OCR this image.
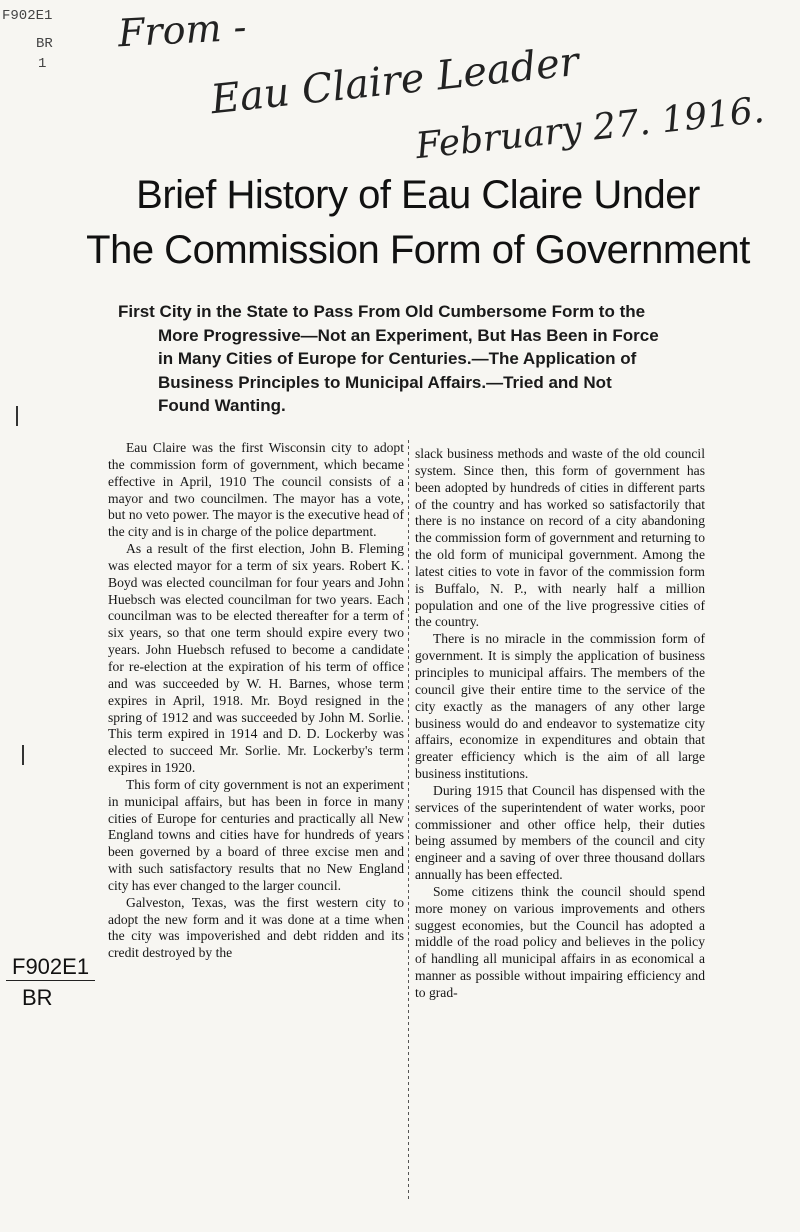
F902E1
BR
1
From -
Eau Claire Leader
February 27. 1916.
Brief History of Eau Claire Under
The Commission Form of Government
First City in the State to Pass From Old Cumbersome Form to the
More Progressive—Not an Experiment, But Has Been in Force
in Many Cities of Europe for Centuries.—The Application of
Business Principles to Municipal Affairs.—Tried and Not
Found Wanting.

Eau Claire was the first Wisconsin city to adopt the commission form of government, which became effective in April, 1910 The council consists of a mayor and two councilmen. The mayor has a vote, but no veto power. The mayor is the executive head of the city and is in charge of the police department.

As a result of the first election, John B. Fleming was elected mayor for a term of six years. Robert K. Boyd was elected councilman for four years and John Huebsch was elected councilman for two years. Each councilman was to be elected thereafter for a term of six years, so that one term should expire every two years. John Huebsch refused to become a candidate for re-election at the expiration of his term of office and was succeeded by W. H. Barnes, whose term expires in April, 1918. Mr. Boyd resigned in the spring of 1912 and was succeeded by John M. Sorlie. This term expired in 1914 and D. D. Lockerby was elected to succeed Mr. Sorlie. Mr. Lockerby's term expires in 1920.

This form of city government is not an experiment in municipal affairs, but has been in force in many cities of Europe for centuries and practically all New England towns and cities have for hundreds of years been governed by a board of three excise men and with such satisfactory results that no New England city has ever changed to the larger council.

Galveston, Texas, was the first western city to adopt the new form and it was done at a time when the city was impoverished and debt ridden and its credit destroyed by the

slack business methods and waste of the old council system. Since then, this form of government has been adopted by hundreds of cities in different parts of the country and has worked so satisfactorily that there is no instance on record of a city abandoning the commission form of government and returning to the old form of municipal government. Among the latest cities to vote in favor of the commission form is Buffalo, N. P., with nearly half a million population and one of the live progressive cities of the country.

There is no miracle in the commission form of government. It is simply the application of business principles to municipal affairs. The members of the council give their entire time to the service of the city exactly as the managers of any other large business would do and endeavor to systematize city affairs, economize in expenditures and obtain that greater efficiency which is the aim of all large business institutions.

During 1915 that Council has dispensed with the services of the superintendent of water works, poor commissioner and other office help, their duties being assumed by members of the council and city engineer and a saving of over three thousand dollars annually has been effected.

Some citizens think the council should spend more money on various improvements and others suggest economies, but the Council has adopted a middle of the road policy and believes in the policy of handling all municipal affairs in as economical a manner as possible without impairing efficiency and to grad-

F902E1
BR
